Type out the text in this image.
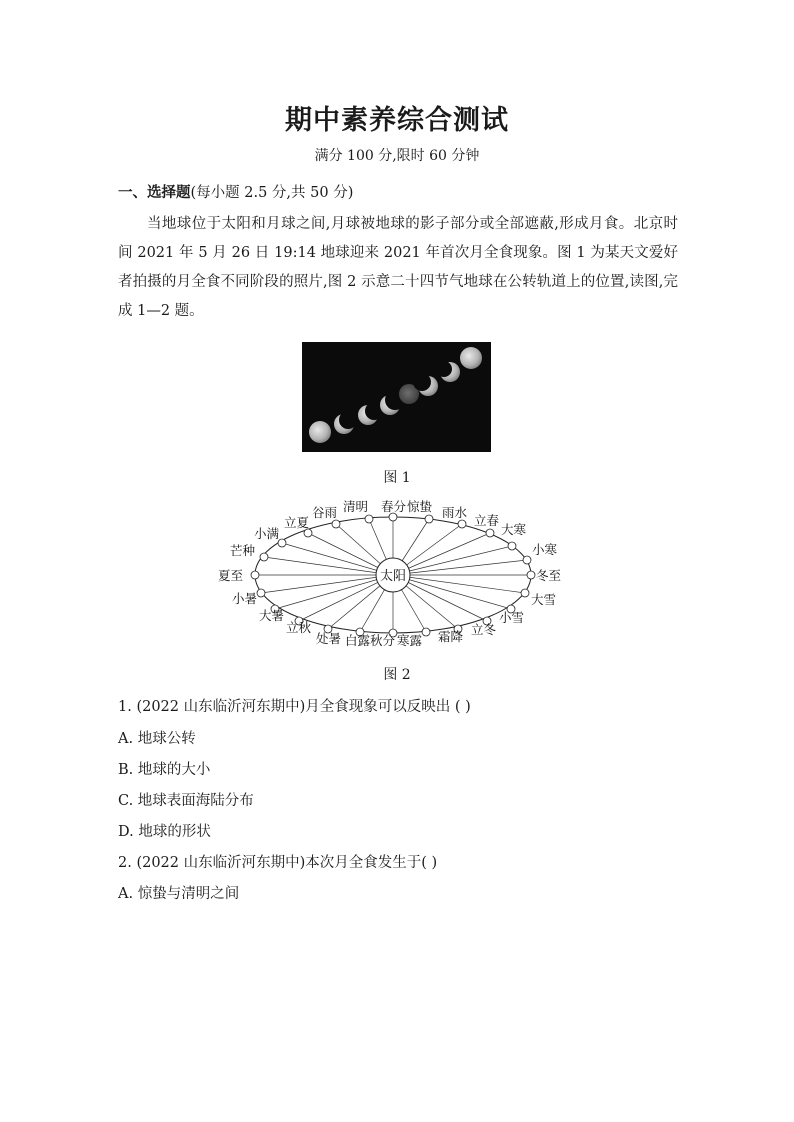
期中素养综合测试
满分 100 分,限时 60 分钟
一、选择题(每小题 2.5 分,共 50 分)

当地球位于太阳和月球之间,月球被地球的影子部分或全部遮蔽,形成月食。北京时间 2021 年 5 月 26 日 19:14 地球迎来 2021 年首次月全食现象。图 1 为某天文爱好者拍摄的月全食不同阶段的照片,图 2 示意二十四节气地球在公转轨道上的位置,读图,完成 1—2 题。

图 1
太阳	冬至
小寒
大寒
立春
雨水
惊蛰
春分
清明
谷雨
立夏
小满
芒种
夏至
小暑
大暑
立秋
处暑 白露 秋分 寒露 霜降 立冬
小雪
大雪
图 2
1. (2022 山东临沂河东期中)月全食现象可以反映出 ( )
A. 地球公转
B. 地球的大小
C. 地球表面海陆分布
D. 地球的形状
2. (2022 山东临沂河东期中)本次月全食发生于( )
A. 惊蛰与清明之间
